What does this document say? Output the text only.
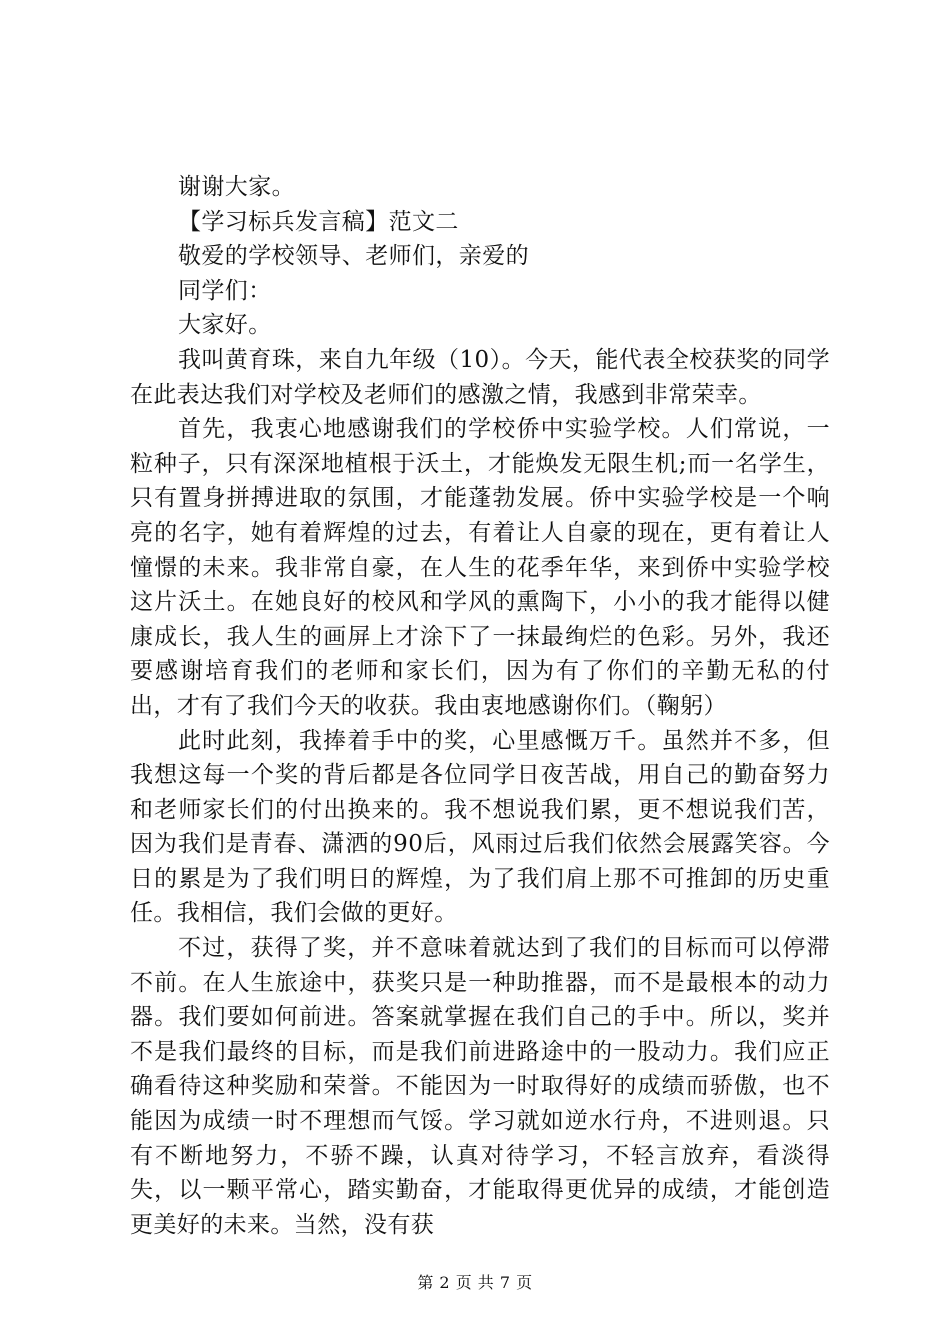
谢谢大家。
【学习标兵发言稿】范文二
敬爱的学校领导、老师们，亲爱的
同学们：
大家好。
我叫黄育珠，来自九年级（10）。今天，能代表全校获奖的同学在此表达我们对学校及老师们的感激之情，我感到非常荣幸。
首先，我衷心地感谢我们的学校侨中实验学校。人们常说，一粒种子，只有深深地植根于沃土，才能焕发无限生机;而一名学生，只有置身拼搏进取的氛围，才能蓬勃发展。侨中实验学校是一个响亮的名字，她有着辉煌的过去，有着让人自豪的现在，更有着让人憧憬的未来。我非常自豪，在人生的花季年华，来到侨中实验学校这片沃土。在她良好的校风和学风的熏陶下，小小的我才能得以健康成长，我人生的画屏上才涂下了一抹最绚烂的色彩。另外，我还要感谢培育我们的老师和家长们，因为有了你们的辛勤无私的付出，才有了我们今天的收获。我由衷地感谢你们。（鞠躬）
此时此刻，我捧着手中的奖，心里感慨万千。虽然并不多，但我想这每一个奖的背后都是各位同学日夜苦战，用自己的勤奋努力和老师家长们的付出换来的。我不想说我们累，更不想说我们苦，因为我们是青春、潇洒的90后，风雨过后我们依然会展露笑容。今日的累是为了我们明日的辉煌，为了我们肩上那不可推卸的历史重任。我相信，我们会做的更好。
不过，获得了奖，并不意味着就达到了我们的目标而可以停滞不前。在人生旅途中，获奖只是一种助推器，而不是最根本的动力器。我们要如何前进。答案就掌握在我们自己的手中。所以，奖并不是我们最终的目标，而是我们前进路途中的一股动力。我们应正确看待这种奖励和荣誉。不能因为一时取得好的成绩而骄傲，也不能因为成绩一时不理想而气馁。学习就如逆水行舟，不进则退。只有不断地努力，不骄不躁，认真对待学习，不轻言放弃，看淡得失，以一颗平常心，踏实勤奋，才能取得更优异的成绩，才能创造更美好的未来。当然，没有获
第 2 页 共 7 页
